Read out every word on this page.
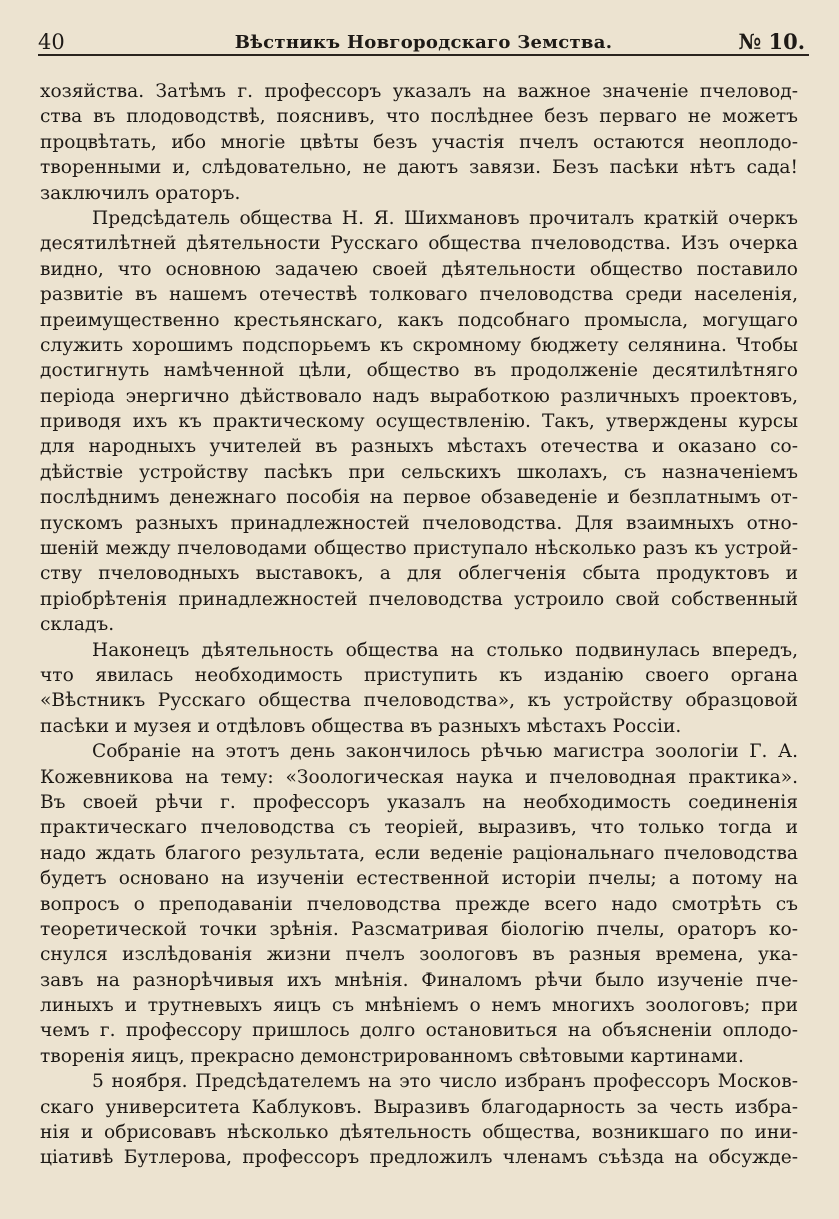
40	Вѣстникъ Новгородскаго Земства.	№ 10.
хозяйства. Затѣмъ г. профессоръ указалъ на важное значеніе пчеловод-
ства въ плодоводствѣ, пояснивъ, что послѣднее безъ перваго не можетъ
процвѣтать, ибо многіе цвѣты безъ участія пчелъ остаются неоплодо-
творенными и, слѣдовательно, не даютъ завязи. Безъ пасѣки нѣтъ сада!
заключилъ ораторъ.
Предсѣдатель общества Н. Я. Шихмановъ прочиталъ краткій очеркъ
десятилѣтней дѣятельности Русскаго общества пчеловодства. Изъ очерка
видно, что основною задачею своей дѣятельности общество поставило
развитіе въ нашемъ отечествѣ толковаго пчеловодства среди населенія,
преимущественно крестьянскаго, какъ подсобнаго промысла, могущаго
служить хорошимъ подспорьемъ къ скромному бюджету селянина. Чтобы
достигнуть намѣченной цѣли, общество въ продолженіе десятилѣтняго
періода энергично дѣйствовало надъ выработкою различныхъ проектовъ,
приводя ихъ къ практическому осуществленію. Такъ, утверждены курсы
для народныхъ учителей въ разныхъ мѣстахъ отечества и оказано со-
дѣйствіе устройству пасѣкъ при сельскихъ школахъ, съ назначеніемъ
послѣднимъ денежнаго пособія на первое обзаведеніе и безплатнымъ от-
пускомъ разныхъ принадлежностей пчеловодства. Для взаимныхъ отно-
шеній между пчеловодами общество приступало нѣсколько разъ къ устрой-
ству пчеловодныхъ выставокъ, а для облегченія сбыта продуктовъ и
пріобрѣтенія принадлежностей пчеловодства устроило свой собственный
складъ.
Наконецъ дѣятельность общества на столько подвинулась впередъ,
что явилась необходимость приступить къ изданію своего органа
«Вѣстникъ Русскаго общества пчеловодства», къ устройству образцовой
пасѣки и музея и отдѣловъ общества въ разныхъ мѣстахъ Россіи.
Собраніе на этотъ день закончилось рѣчью магистра зоологіи Г. А.
Кожевникова на тему: «Зоологическая наука и пчеловодная практика».
Въ своей рѣчи г. профессоръ указалъ на необходимость соединенія
практическаго пчеловодства съ теоріей, выразивъ, что только тогда и
надо ждать благого результата, если веденіе раціональнаго пчеловодства
будетъ основано на изученіи естественной исторіи пчелы; а потому на
вопросъ о преподаваніи пчеловодства прежде всего надо смотрѣть съ
теоретической точки зрѣнія. Разсматривая біологію пчелы, ораторъ ко-
снулся изслѣдованія жизни пчелъ зоологовъ въ разныя времена, ука-
завъ на разнорѣчивыя ихъ мнѣнія. Финаломъ рѣчи было изученіе пче-
линыхъ и трутневыхъ яицъ съ мнѣніемъ о немъ многихъ зоологовъ; при
чемъ г. профессору пришлось долго остановиться на объясненіи оплодо-
творенія яицъ, прекрасно демонстрированномъ свѣтовыми картинами.
5 ноября. Предсѣдателемъ на это число избранъ профессоръ Москов-
скаго университета Каблуковъ. Выразивъ благодарность за честь избра-
нія и обрисовавъ нѣсколько дѣятельность общества, возникшаго по ини-
ціативѣ Бутлерова, профессоръ предложилъ членамъ съѣзда на обсужде-
